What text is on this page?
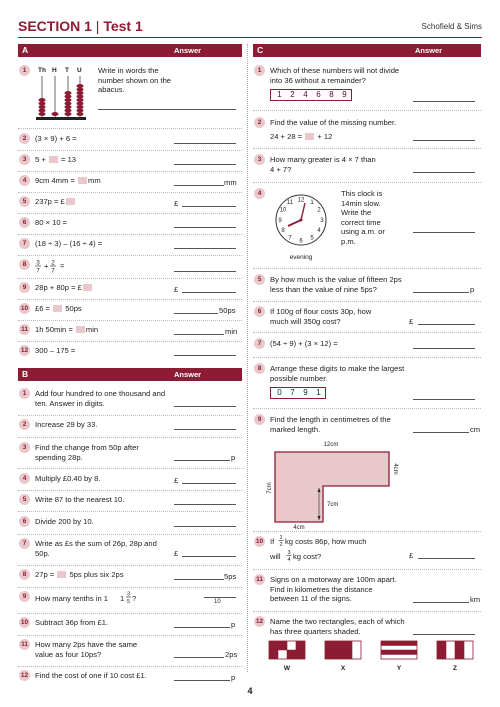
SECTION 1 | Test 1	Schofield & Sims
A	Answer
1	Th H T U Write in words the number shown on the abacus.
2	(3 × 9) + 6 =
3	5 + = 13
4	9cm 4mm = mm	mm
5	237p = £	£
6	80 × 10 =
7	(18 ÷ 3) – (16 ÷ 4) =
8	3
7
+ 2
7
=
9	28p + 80p = £	£
10 £6 = 50ps	50ps
11 1h 50min = min	min
12 300 – 175 =
B	Answer
1	Add four hundred to one thousand and ten. Answer in digits.
2	Increase 29 by 33.
3	Find the change from 50p after spending 28p.	p
4	Multiply £0.40 by 8.	£
5	Write 87 to the nearest 10.
6	Divide 200 by 10.
7	Write as £s the sum of 26p, 28p and 50p.	£
8	27p = 5ps plus six 2ps	5ps
9	How many tenths in 1 1 3
5 ?	10
10 Subtract 36p from £1.	p
11 How many 2ps have the same value as four 10ps?	2ps
12 Find the cost of one if 10 cost £1.	p
C	Answer
1	Which of these numbers will not divide into 36 without a remainder?
1 2 4 6 8 9
2	Find the value of the missing number.
24 + 28 = + 12
3	How many greater is 4 × 7 than 4 + 7?
4
12 1
2
3
4
5
6
7
8
9
10
11
evening
This clock is 14min slow. Write the correct time using a.m. or p.m.
5	By how much is the value of fifteen 2ps less than the value of nine 5ps?	p
6	If 100g of flour costs 30p, how much will 350g cost?	£
7	(54 ÷ 9) + (3 × 12) =
8	Arrange these digits to make the largest possible number.
0 7 9 1
9	Find the length in centimetres of the marked length.	cm
12cm
4cm
7cm
7cm
4cm
10 If 1
2 kg costs 86p, how much
will 3
4 kg cost?	£
11 Signs on a motorway are 100m apart. Find in kilometres the distance between 11 of the signs.	km
12 Name the two rectangles, each of which has three quarters shaded.
W	X	Y	Z
4
